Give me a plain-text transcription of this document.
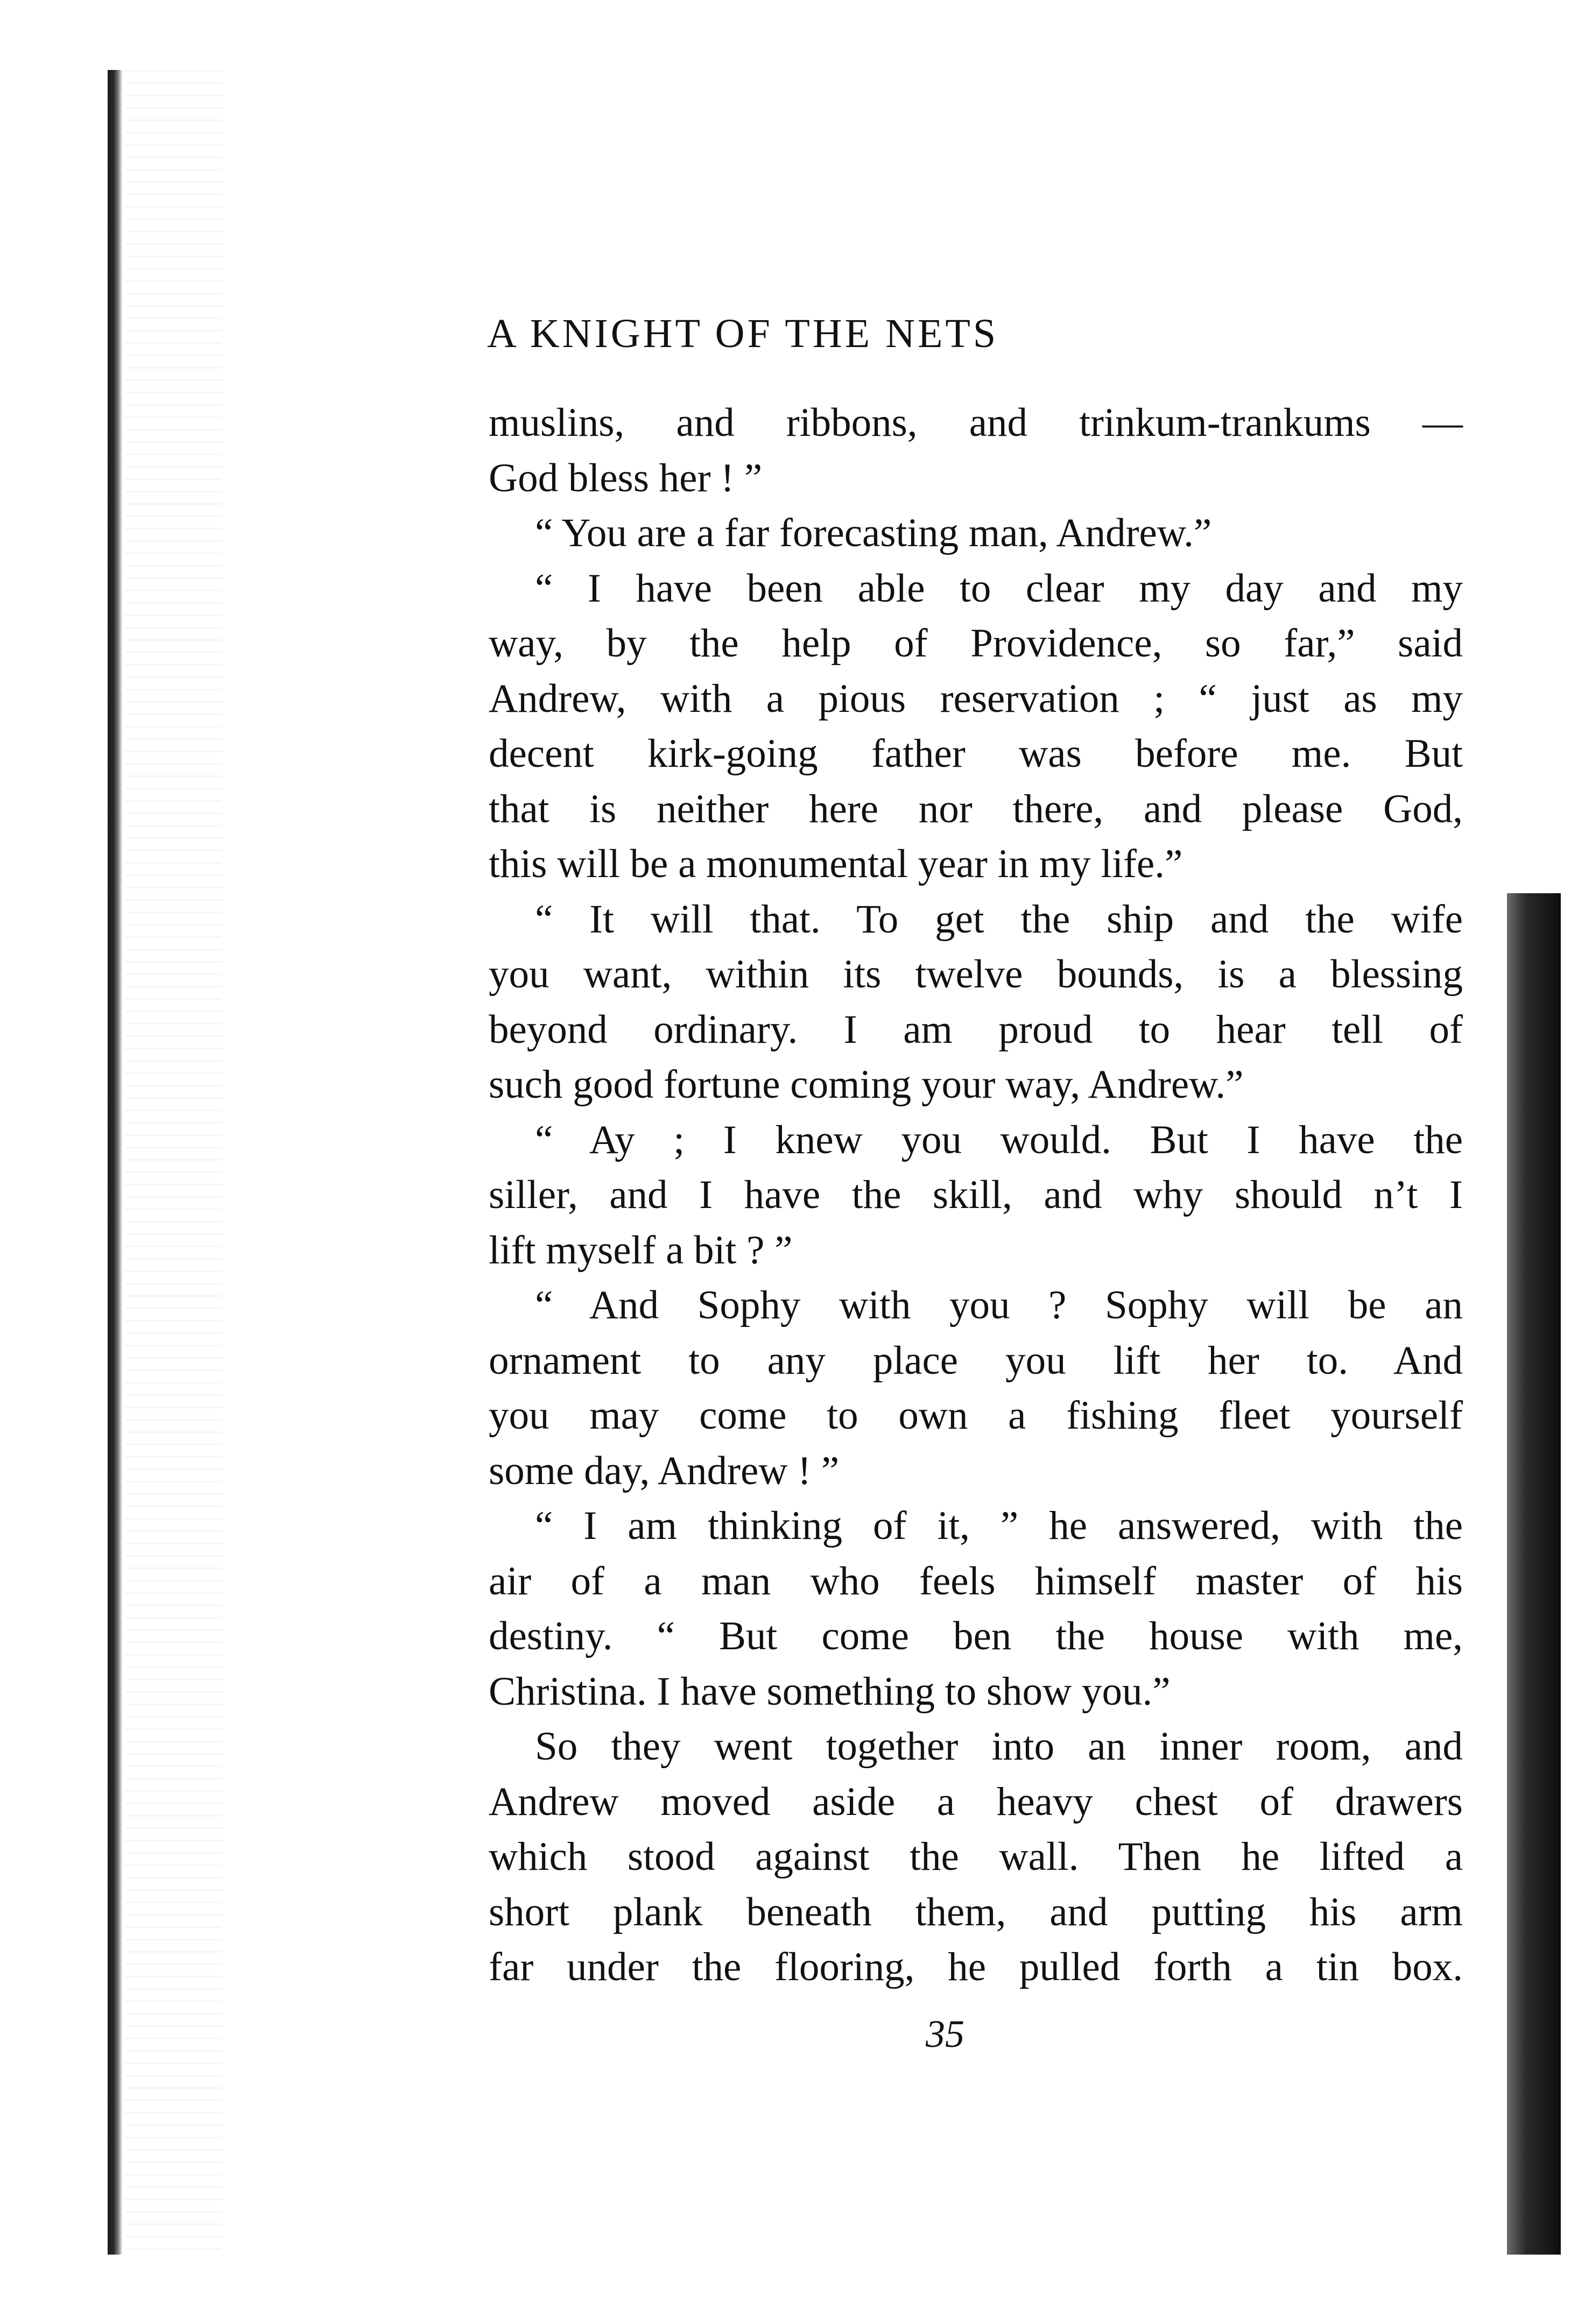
A KNIGHT OF THE NETS
muslins, and ribbons, and trinkum-trankums —
God bless her ! ”
“ You are a far forecasting man, Andrew.”
“ I have been able to clear my day and my
way, by the help of Providence, so far,” said
Andrew, with a pious reservation ; “ just as my
decent kirk-going father was before me. But
that is neither here nor there, and please God,
this will be a monumental year in my life.”
“ It will that. To get the ship and the wife
you want, within its twelve bounds, is a blessing
beyond ordinary. I am proud to hear tell of
such good fortune coming your way, Andrew.”
“ Ay ; I knew you would. But I have the
siller, and I have the skill, and why should n’t I
lift myself a bit ? ”
“ And Sophy with you ? Sophy will be an
ornament to any place you lift her to. And
you may come to own a fishing fleet yourself
some day, Andrew ! ”
“ I am thinking of it, ” he answered, with the
air of a man who feels himself master of his
destiny. “ But come ben the house with me,
Christina. I have something to show you.”
So they went together into an inner room, and
Andrew moved aside a heavy chest of drawers
which stood against the wall. Then he lifted a
short plank beneath them, and putting his arm
far under the flooring, he pulled forth a tin box.
35
